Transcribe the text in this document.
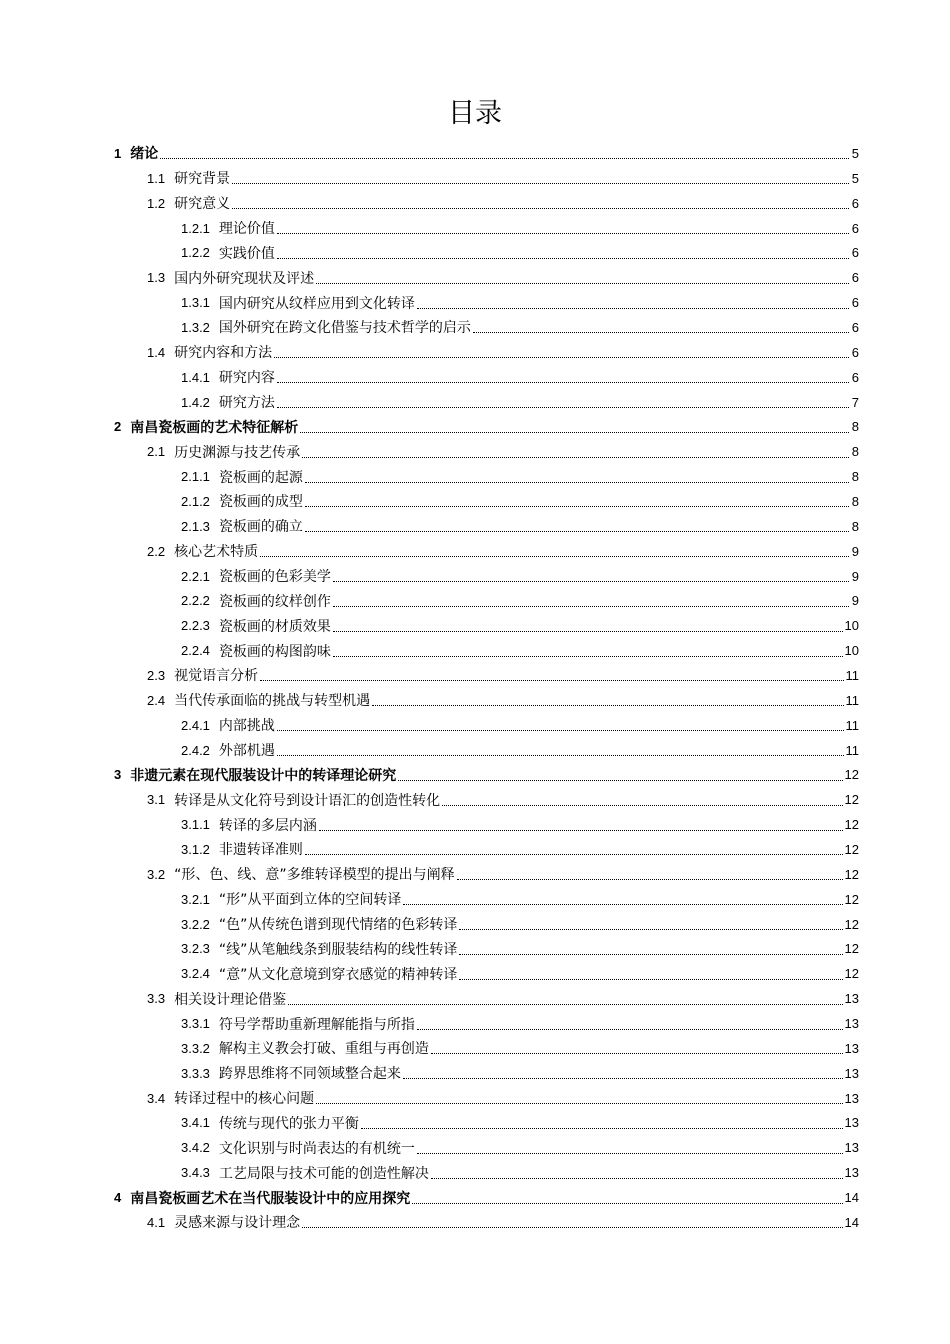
目录
1 绪论	5
1.1 研究背景	5
1.2 研究意义	6
1.2.1 理论价值	6
1.2.2 实践价值	6
1.3 国内外研究现状及评述	6
1.3.1 国内研究从纹样应用到文化转译	6
1.3.2 国外研究在跨文化借鉴与技术哲学的启示	6
1.4 研究内容和方法	6
1.4.1 研究内容	6
1.4.2 研究方法	7
2 南昌瓷板画的艺术特征解析	8
2.1 历史渊源与技艺传承	8
2.1.1 瓷板画的起源	8
2.1.2 瓷板画的成型	8
2.1.3 瓷板画的确立	8
2.2 核心艺术特质	9
2.2.1 瓷板画的色彩美学	9
2.2.2 瓷板画的纹样创作	9
2.2.3 瓷板画的材质效果	10
2.2.4 瓷板画的构图韵味	10
2.3 视觉语言分析	11
2.4 当代传承面临的挑战与转型机遇	11
2.4.1 内部挑战	11
2.4.2 外部机遇	11
3 非遗元素在现代服装设计中的转译理论研究	12
3.1 转译是从文化符号到设计语汇的创造性转化	12
3.1.1 转译的多层内涵	12
3.1.2 非遗转译准则	12
3.2 “形、色、线、意”多维转译模型的提出与阐释	12
3.2.1 “形”从平面到立体的空间转译	12
3.2.2 “色”从传统色谱到现代情绪的色彩转译	12
3.2.3 “线”从笔触线条到服装结构的线性转译	12
3.2.4 “意”从文化意境到穿衣感觉的精神转译	12
3.3 相关设计理论借鉴	13
3.3.1 符号学帮助重新理解能指与所指	13
3.3.2 解构主义教会打破、重组与再创造	13
3.3.3 跨界思维将不同领域整合起来	13
3.4 转译过程中的核心问题	13
3.4.1 传统与现代的张力平衡	13
3.4.2 文化识别与时尚表达的有机统一	13
3.4.3 工艺局限与技术可能的创造性解决	13
4 南昌瓷板画艺术在当代服装设计中的应用探究	14
4.1 灵感来源与设计理念	14
